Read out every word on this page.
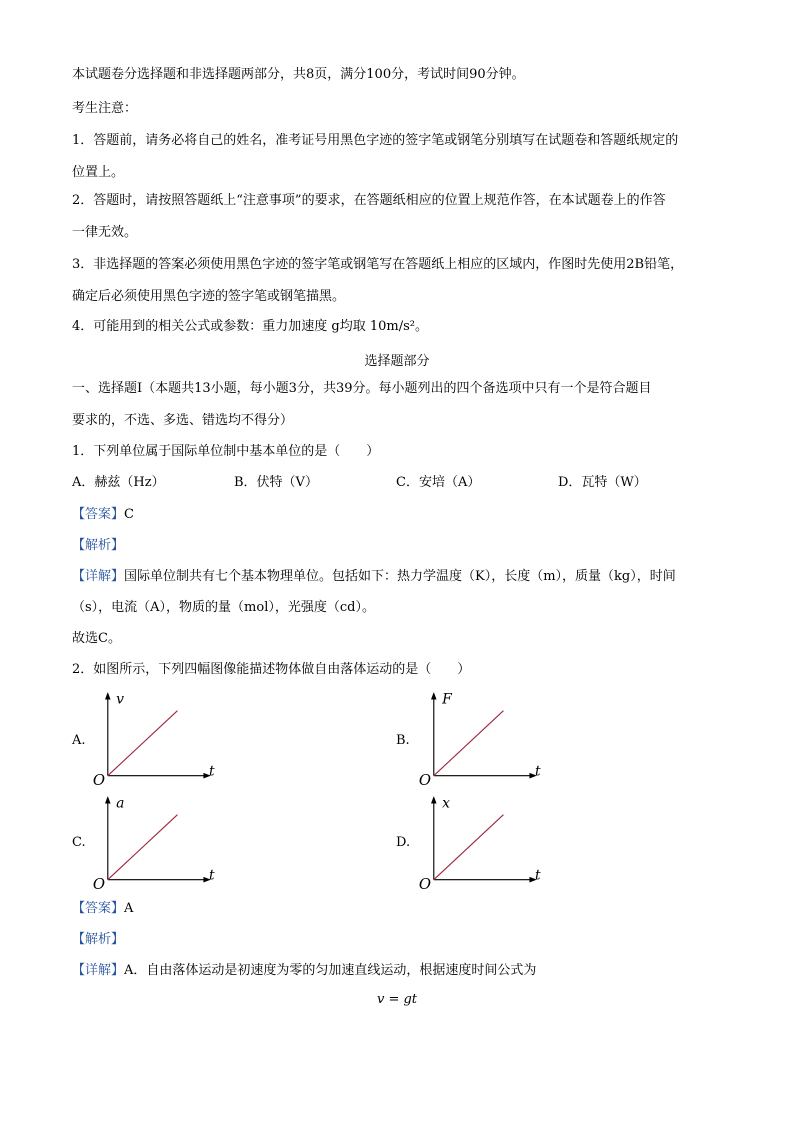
本试题卷分选择题和非选择题两部分，共8页，满分100分，考试时间90分钟。
考生注意：
1．答题前，请务必将自己的姓名，准考证号用黑色字迹的签字笔或钢笔分别填写在试题卷和答题纸规定的
位置上。
2．答题时，请按照答题纸上“注意事项”的要求，在答题纸相应的位置上规范作答，在本试题卷上的作答
一律无效。
3．非选择题的答案必须使用黑色字迹的签字笔或钢笔写在答题纸上相应的区域内，作图时先使用2B铅笔，
确定后必须使用黑色字迹的签字笔或钢笔描黑。
4．可能用到的相关公式或参数：重力加速度 g均取 10m/s²。
选择题部分
一、选择题Ⅰ（本题共13小题，每小题3分，共39分。每小题列出的四个备选项中只有一个是符合题目
要求的，不选、多选、错选均不得分）
1．下列单位属于国际单位制中基本单位的是（　　）
A．赫兹（Hz）	B．伏特（V）	C．安培（A）	D．瓦特（W）
【答案】C
【解析】
【详解】国际单位制共有七个基本物理单位。包括如下：热力学温度（K），长度（m），质量（kg），时间
（s），电流（A），物质的量（mol），光强度（cd）。
故选C。
2．如图所示，下列四幅图像能描述物体做自由落体运动的是（　　）
A.
v
t
O
B.
F
t
O
C.
a
t
O
D.
x
t
O
【答案】A
【解析】
【详解】A．自由落体运动是初速度为零的匀加速直线运动，根据速度时间公式为
v = gt
